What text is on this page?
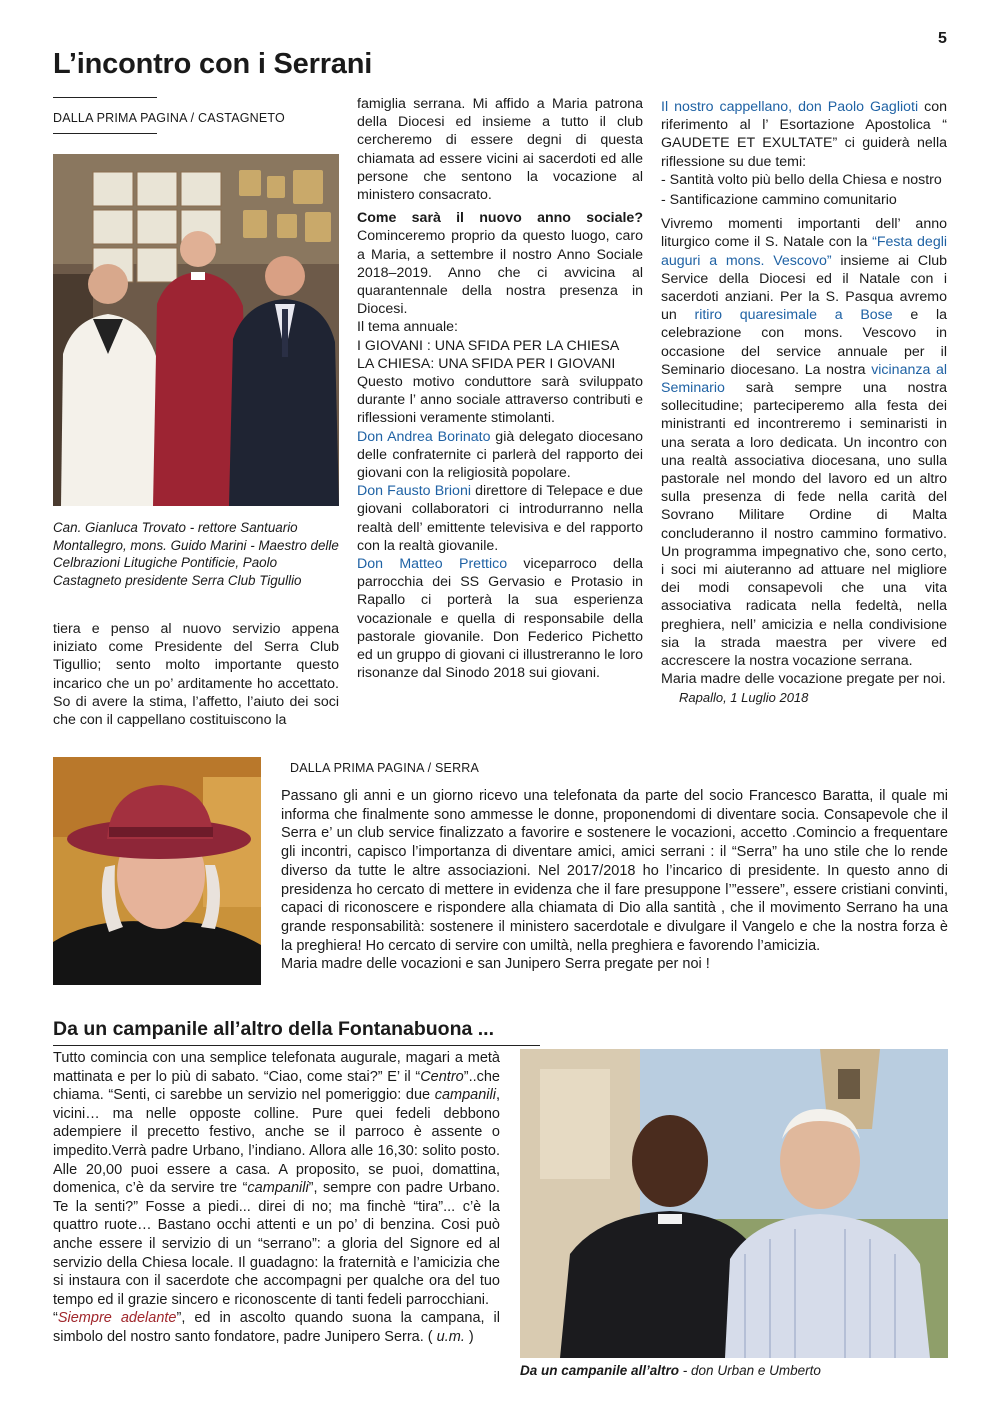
5
L’incontro con i Serrani
DALLA PRIMA PAGINA / CASTAGNETO

Can. Gianluca Trovato - rettore Santuario Montallegro, mons. Guido Marini - Maestro delle Celbrazioni Litugiche Pontificie, Paolo Castagneto presidente Serra Club Tigullio

tiera e penso al nuovo servizio appena iniziato come Presidente del Serra Club Tigullio; sento molto importante questo incarico che un po’ arditamente ho accettato. So di avere la stima, l’affetto, l’aiuto dei soci che con il cappellano costituiscono la

famiglia serrana. Mi affido a Maria patrona della Diocesi ed insieme a tutto il club cercheremo di essere degni di questa chiamata ad essere vicini ai sacerdoti ed alle persone che sentono la vocazione al ministero consacrato.

Come sarà il nuovo anno sociale? Cominceremo proprio da questo luogo, caro a Maria, a settembre il nostro Anno Sociale 2018–2019. Anno che ci avvicina al quarantennale della nostra presenza in Diocesi.

Il tema annuale:

I GIOVANI : UNA SFIDA PER LA CHIESA

LA CHIESA: UNA SFIDA PER I GIOVANI

Questo motivo conduttore sarà sviluppato durante l’ anno sociale attraverso contributi e riflessioni veramente stimolanti.

Don Andrea Borinato già delegato diocesano delle confraternite ci parlerà del rapporto dei giovani con la religiosità popolare.

Don Fausto Brioni direttore di Telepace e due giovani collaboratori ci introdurranno nella realtà dell’ emittente televisiva e del rapporto con la realtà giovanile.

Don Matteo Prettico viceparroco della parrocchia dei SS Gervasio e Protasio in Rapallo ci porterà la sua esperienza vocazionale e quella di responsabile della pastorale giovanile. Don Federico Pichetto ed un gruppo di giovani ci illustreranno le loro risonanze dal Sinodo 2018 sui giovani.

Il nostro cappellano, don Paolo Gaglioti con riferimento al l’ Esortazione Apostolica “ GAUDETE ET EXULTATE” ci guiderà nella riflessione su due temi:

- Santità volto più bello della Chiesa e nostro

- Santificazione cammino comunitario

Vivremo momenti importanti dell’ anno liturgico come il S. Natale con la “Festa degli auguri a mons. Vescovo” insieme ai Club Service della Diocesi ed il Natale con i sacerdoti anziani. Per la S. Pasqua avremo un ritiro quaresimale a Bose e la celebrazione con mons. Vescovo in occasione del service annuale per il Seminario diocesano. La nostra vicinanza al Seminario sarà sempre una nostra sollecitudine; parteciperemo alla festa dei ministranti ed incontreremo i seminaristi in una serata a loro dedicata. Un incontro con una realtà associativa diocesana, uno sulla pastorale nel mondo del lavoro ed un altro sulla presenza di fede nella carità del Sovrano Militare Ordine di Malta concluderanno il nostro cammino formativo. Un programma impegnativo che, sono certo, i soci mi aiuteranno ad attuare nel migliore dei modi consapevoli che una vita associativa radicata nella fedeltà, nella preghiera, nell’ amicizia e nella condivisione sia la strada maestra per vivere ed accrescere la nostra vocazione serrana.

Maria madre delle vocazione pregate per noi. Rapallo, 1 Luglio 2018

DALLA PRIMA PAGINA / SERRA

Passano gli anni e un giorno ricevo una telefonata da parte del socio Francesco Baratta, il quale mi informa che finalmente sono ammesse le donne, proponendomi di diventare socia. Consapevole che il Serra e’ un club service finalizzato a favorire e sostenere le vocazioni, accetto .Comincio a frequentare gli incontri, capisco l’importanza di diventare amici, amici serrani : il “Serra” ha uno stile che lo rende diverso da tutte le altre associazioni. Nel 2017/2018 ho l’incarico di presidente. In questo anno di presidenza ho cercato di mettere in evidenza che il fare presuppone l’”essere”, essere cristiani convinti, capaci di riconoscere e rispondere alla chiamata di Dio alla santità , che il movimento Serrano ha una grande responsabilità: sostenere il ministero sacerdotale e divulgare il Vangelo e che la nostra forza è la preghiera! Ho cercato di servire con umiltà, nella preghiera e favorendo l’amicizia.

Maria madre delle vocazioni e san Junipero Serra pregate per noi !

Da un campanile all’altro della Fontanabuona ...

Tutto comincia con una semplice telefonata augurale, magari a metà mattinata e per lo più di sabato. “Ciao, come stai?” E’ il “Centro”..che chiama. “Senti, ci sarebbe un servizio nel pomeriggio: due campanili, vicini… ma nelle opposte colline. Pure quei fedeli debbono adempiere il precetto festivo, anche se il parroco è assente o impedito.Verrà padre Urbano, l’indiano. Allora alle 16,30: solito posto. Alle 20,00 puoi essere a casa. A proposito, se puoi, domattina, domenica, c’è da servire tre “campanili”, sempre con padre Urbano. Te la senti?” Fosse a piedi... direi di no; ma finchè “tira”... c’è la quattro ruote… Bastano occhi attenti e un po’ di benzina. Cosi può anche essere il servizio di un “serrano”: a gloria del Signore ed al servizio della Chiesa locale. Il guadagno: la fraternità e l’amicizia che si instaura con il sacerdote che accompagni per qualche ora del tuo tempo ed il grazie sincero e riconoscente di tanti fedeli parrocchiani.

“Siempre adelante”, ed in ascolto quando suona la campana, il simbolo del nostro santo fondatore, padre Junipero Serra. ( u.m. )

Da un campanile all’altro - don Urban e Umberto
